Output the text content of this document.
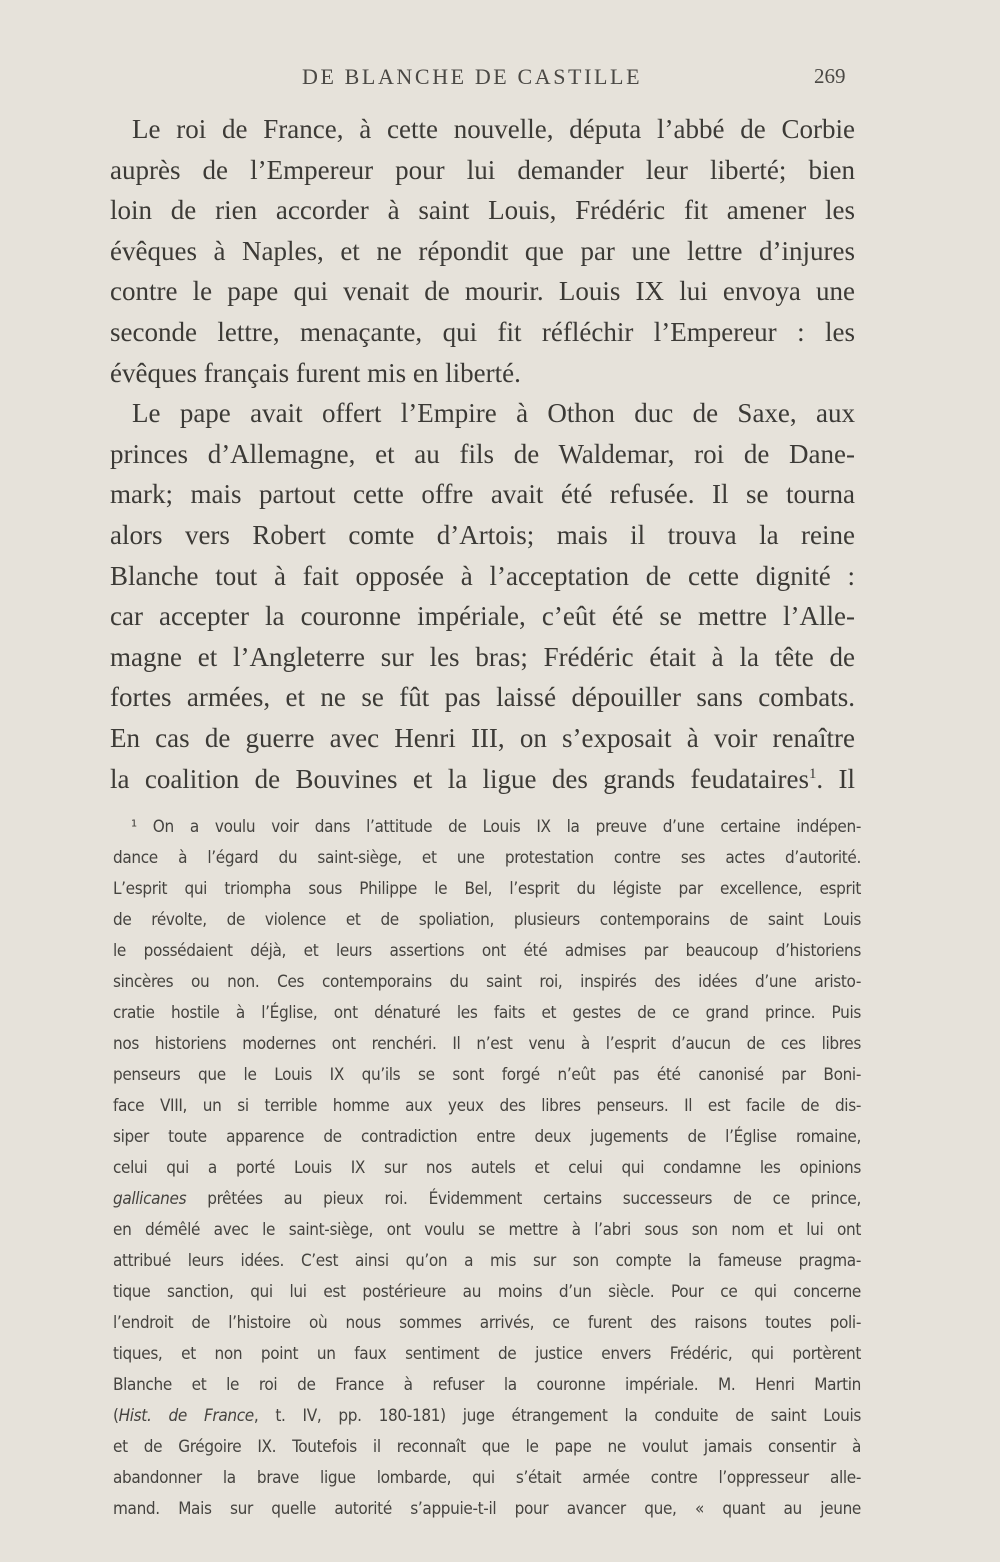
DE BLANCHE DE CASTILLE	269
Le roi de France, à cette nouvelle, députa l’abbé de Corbie
auprès de l’Empereur pour lui demander leur liberté; bien
loin de rien accorder à saint Louis, Frédéric fit amener les
évêques à Naples, et ne répondit que par une lettre d’injures
contre le pape qui venait de mourir. Louis IX lui envoya une
seconde lettre, menaçante, qui fit réfléchir l’Empereur : les
évêques français furent mis en liberté.
Le pape avait offert l’Empire à Othon duc de Saxe, aux
princes d’Allemagne, et au fils de Waldemar, roi de Dane-
mark; mais partout cette offre avait été refusée. Il se tourna
alors vers Robert comte d’Artois; mais il trouva la reine
Blanche tout à fait opposée à l’acceptation de cette dignité :
car accepter la couronne impériale, c’eût été se mettre l’Alle-
magne et l’Angleterre sur les bras; Frédéric était à la tête de
fortes armées, et ne se fût pas laissé dépouiller sans combats.
En cas de guerre avec Henri III, on s’exposait à voir renaître
la coalition de Bouvines et la ligue des grands feudataires$^1$. Il
¹ On a voulu voir dans l’attitude de Louis IX la preuve d’une certaine indépen-
dance à l’égard du saint-siège, et une protestation contre ses actes d’autorité.
L’esprit qui triompha sous Philippe le Bel, l’esprit du légiste par excellence, esprit
de révolte, de violence et de spoliation, plusieurs contemporains de saint Louis
le possédaient déjà, et leurs assertions ont été admises par beaucoup d’historiens
sincères ou non. Ces contemporains du saint roi, inspirés des idées d’une aristo-
cratie hostile à l’Église, ont dénaturé les faits et gestes de ce grand prince. Puis
nos historiens modernes ont renchéri. Il n’est venu à l’esprit d’aucun de ces libres
penseurs que le Louis IX qu’ils se sont forgé n’eût pas été canonisé par Boni-
face VIII, un si terrible homme aux yeux des libres penseurs. Il est facile de dis-
siper toute apparence de contradiction entre deux jugements de l’Église romaine,
celui qui a porté Louis IX sur nos autels et celui qui condamne les opinions
gallicanes prêtées au pieux roi. Évidemment certains successeurs de ce prince,
en démêlé avec le saint-siège, ont voulu se mettre à l’abri sous son nom et lui ont
attribué leurs idées. C’est ainsi qu’on a mis sur son compte la fameuse pragma-
tique sanction, qui lui est postérieure au moins d’un siècle. Pour ce qui concerne
l’endroit de l’histoire où nous sommes arrivés, ce furent des raisons toutes poli-
tiques, et non point un faux sentiment de justice envers Frédéric, qui portèrent
Blanche et le roi de France à refuser la couronne impériale. M. Henri Martin
(Hist. de France, t. IV, pp. 180-181) juge étrangement la conduite de saint Louis
et de Grégoire IX. Toutefois il reconnaît que le pape ne voulut jamais consentir à
abandonner la brave ligue lombarde, qui s’était armée contre l’oppresseur alle-
mand. Mais sur quelle autorité s’appuie-t-il pour avancer que, « quant au jeune
